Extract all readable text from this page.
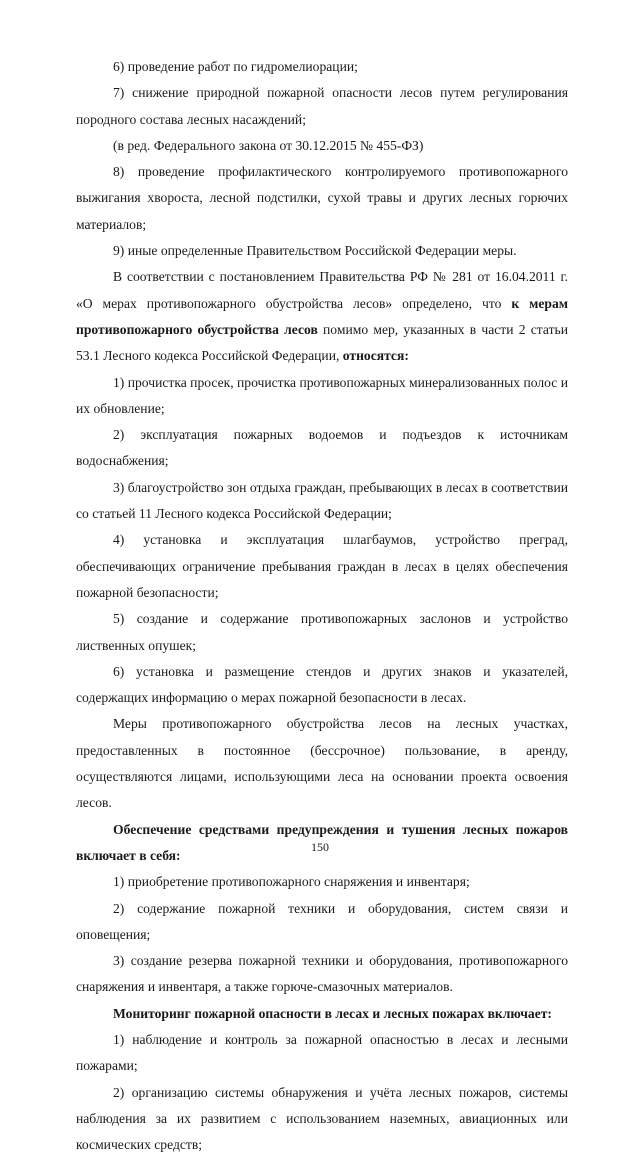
6) проведение работ по гидромелиорации;

7) снижение природной пожарной опасности лесов путем регулирования породного состава лесных насаждений;

(в ред. Федерального закона от 30.12.2015 № 455-ФЗ)

8) проведение профилактического контролируемого противопожарного выжигания хвороста, лесной подстилки, сухой травы и других лесных горючих материалов;

9) иные определенные Правительством Российской Федерации меры.

В соответствии с постановлением Правительства РФ № 281 от 16.04.2011 г. «О мерах противопожарного обустройства лесов» определено, что к мерам противопожарного обустройства лесов помимо мер, указанных в части 2 статьи 53.1 Лесного кодекса Российской Федерации, относятся:

1) прочистка просек, прочистка противопожарных минерализованных полос и их обновление;

2) эксплуатация пожарных водоемов и подъездов к источникам водоснабжения;

3) благоустройство зон отдыха граждан, пребывающих в лесах в соответствии со статьей 11 Лесного кодекса Российской Федерации;

4) установка и эксплуатация шлагбаумов, устройство преград, обеспечивающих ограничение пребывания граждан в лесах в целях обеспечения пожарной безопасности;

5) создание и содержание противопожарных заслонов и устройство лиственных опушек;

6) установка и размещение стендов и других знаков и указателей, содержащих информацию о мерах пожарной безопасности в лесах.

Меры противопожарного обустройства лесов на лесных участках, предоставленных в постоянное (бессрочное) пользование, в аренду, осуществляются лицами, использующими леса на основании проекта освоения лесов.

Обеспечение средствами предупреждения и тушения лесных пожаров включает в себя:

1) приобретение противопожарного снаряжения и инвентаря;

2) содержание пожарной техники и оборудования, систем связи и оповещения;

3) создание резерва пожарной техники и оборудования, противопожарного снаряжения и инвентаря, а также горюче-смазочных материалов.

Мониторинг пожарной опасности в лесах и лесных пожарах включает:

1) наблюдение и контроль за пожарной опасностью в лесах и лесными пожарами;

2) организацию системы обнаружения и учёта лесных пожаров, системы наблюдения за их развитием с использованием наземных, авиационных или космических средств;

150
